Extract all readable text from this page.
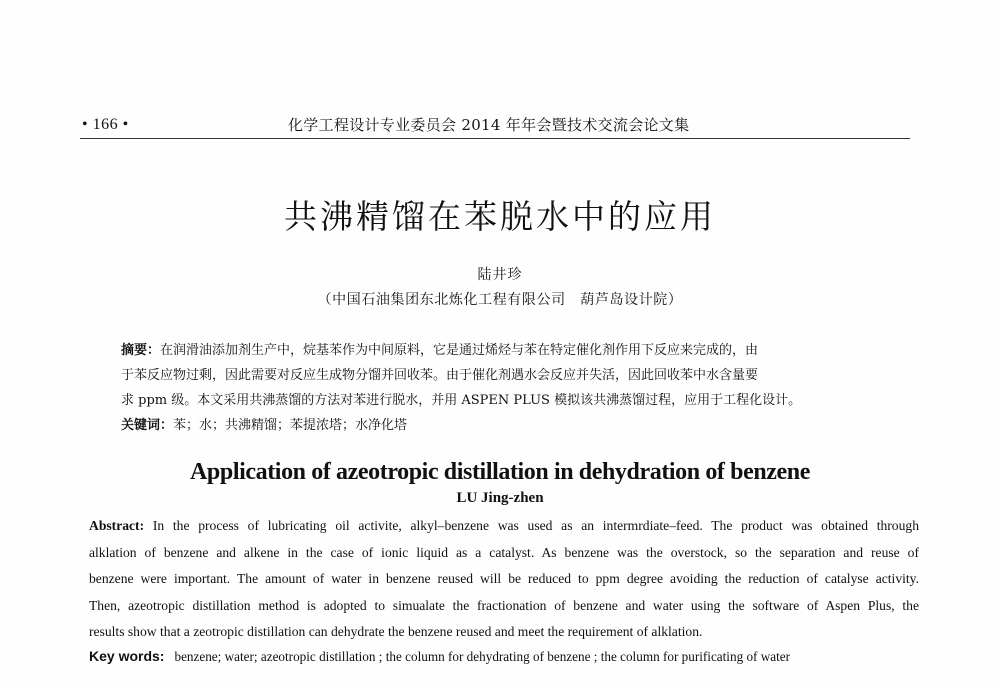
• 166 •	化学工程设计专业委员会 2014 年年会暨技术交流会论文集
共沸精馏在苯脱水中的应用
陆井珍
（中国石油集团东北炼化工程有限公司　葫芦岛设计院）
摘要：在润滑油添加剂生产中，烷基苯作为中间原料，它是通过烯烃与苯在特定催化剂作用下反应来完成的，由
于苯反应物过剩，因此需要对反应生成物分馏并回收苯。由于催化剂遇水会反应并失活，因此回收苯中水含量要
求 ppm 级。本文采用共沸蒸馏的方法对苯进行脱水，并用 ASPEN PLUS 模拟该共沸蒸馏过程，应用于工程化设计。
关键词：苯；水；共沸精馏；苯提浓塔；水净化塔
Application of azeotropic distillation in dehydration of benzene
LU Jing-zhen
Abstract: In the process of lubricating oil activite, alkyl–benzene was used as an intermrdiate–feed. The product was obtained through
alklation of benzene and alkene in the case of ionic liquid as a catalyst. As benzene was the overstock, so the separation and reuse of
benzene were important. The amount of water in benzene reused will be reduced to ppm degree avoiding the reduction of catalyse activity.
Then, azeotropic distillation method is adopted to simualate the fractionation of benzene and water using the software of Aspen Plus, the
results show that a zeotropic distillation can dehydrate the benzene reused and meet the requirement of alklation.
Key words: benzene; water; azeotropic distillation ; the column for dehydrating of benzene ; the column for purificating of water
